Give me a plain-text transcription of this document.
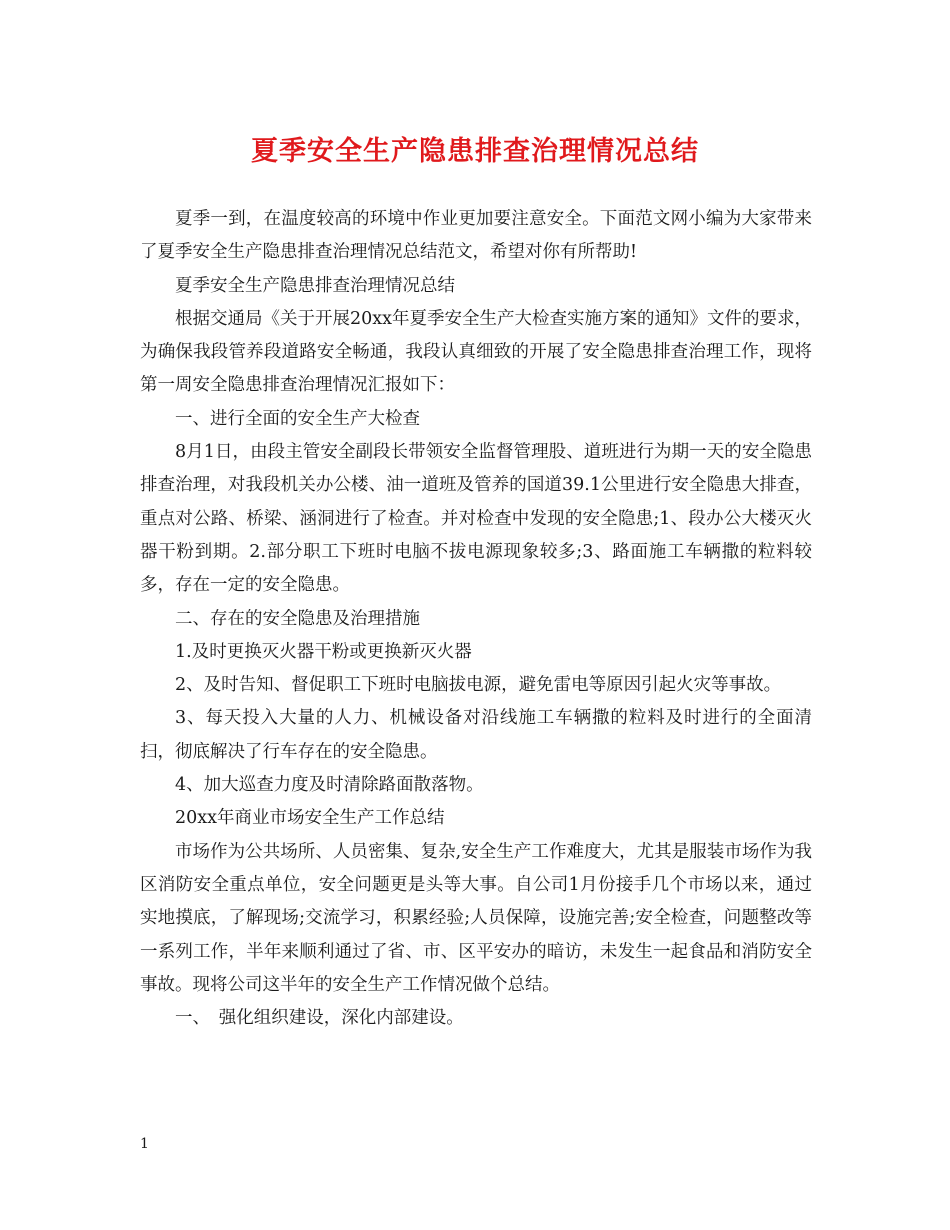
夏季安全生产隐患排查治理情况总结

夏季一到，在温度较高的环境中作业更加要注意安全。下面范文网小编为大家带来了夏季安全生产隐患排查治理情况总结范文，希望对你有所帮助!

夏季安全生产隐患排查治理情况总结

根据交通局《关于开展20xx年夏季安全生产大检查实施方案的通知》文件的要求，为确保我段管养段道路安全畅通，我段认真细致的开展了安全隐患排查治理工作，现将第一周安全隐患排查治理情况汇报如下：

一、进行全面的安全生产大检查

8月1日，由段主管安全副段长带领安全监督管理股、道班进行为期一天的安全隐患排查治理，对我段机关办公楼、油一道班及管养的国道39.1公里进行安全隐患大排查，重点对公路、桥梁、涵洞进行了检查。并对检查中发现的安全隐患;1、段办公大楼灭火器干粉到期。2.部分职工下班时电脑不拔电源现象较多;3、路面施工车辆撒的粒料较多，存在一定的安全隐患。

二、存在的安全隐患及治理措施

1.及时更换灭火器干粉或更换新灭火器

2、及时告知、督促职工下班时电脑拔电源，避免雷电等原因引起火灾等事故。

3、每天投入大量的人力、机械设备对沿线施工车辆撒的粒料及时进行的全面清扫，彻底解决了行车存在的安全隐患。

4、加大巡查力度及时清除路面散落物。

20xx年商业市场安全生产工作总结

市场作为公共场所、人员密集、复杂,安全生产工作难度大，尤其是服装市场作为我区消防安全重点单位，安全问题更是头等大事。自公司1月份接手几个市场以来，通过实地摸底，了解现场;交流学习，积累经验;人员保障，设施完善;安全检查，问题整改等一系列工作，半年来顺利通过了省、市、区平安办的暗访，未发生一起食品和消防安全事故。现将公司这半年的安全生产工作情况做个总结。

一、　强化组织建设，深化内部建设。

1
